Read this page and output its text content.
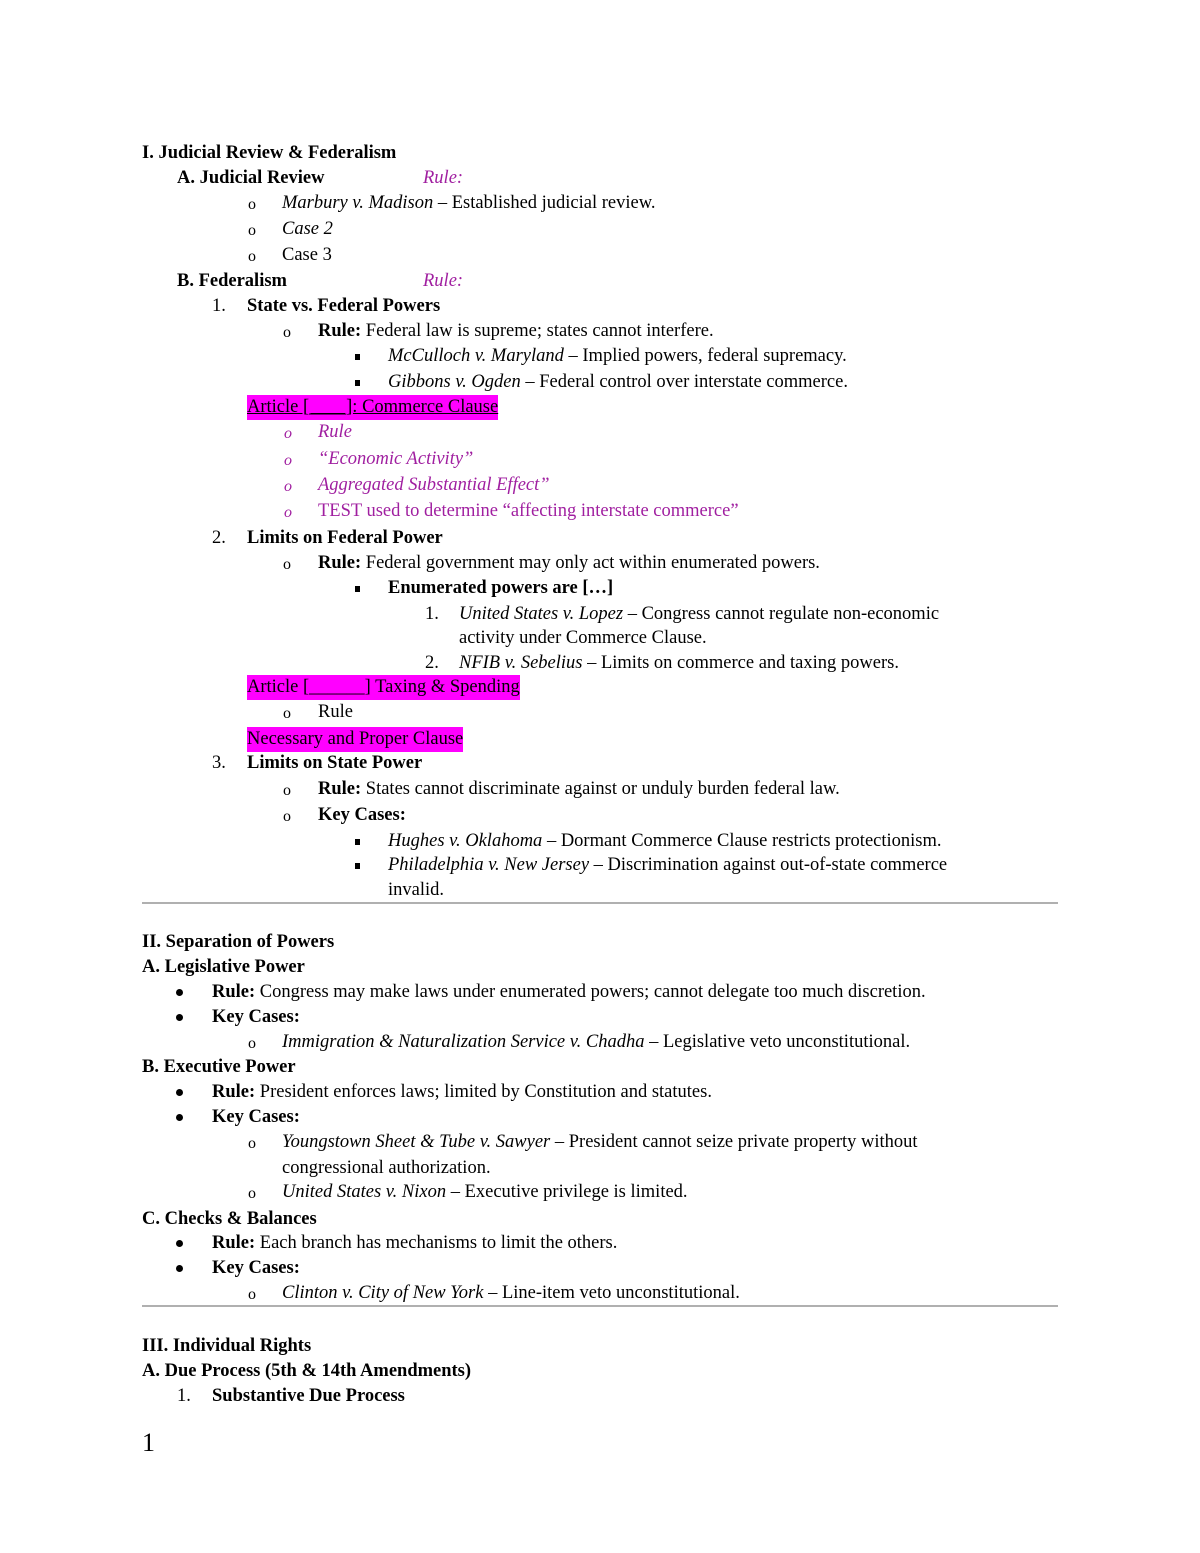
I. Judicial Review & Federalism
A. Judicial Review	Rule:
o Marbury v. Madison – Established judicial review.
o Case 2
o Case 3
B. Federalism	Rule:
1. State vs. Federal Powers
o Rule: Federal law is supreme; states cannot interfere.
McCulloch v. Maryland – Implied powers, federal supremacy.
Gibbons v. Ogden – Federal control over interstate commerce.
Article [____]: Commerce Clause
o Rule
o “Economic Activity”
o Aggregated Substantial Effect”
o TEST used to determine “affecting interstate commerce”
2. Limits on Federal Power
o Rule: Federal government may only act within enumerated powers.
Enumerated powers are […]
1. United States v. Lopez – Congress cannot regulate non-economic
activity under Commerce Clause.
2. NFIB v. Sebelius – Limits on commerce and taxing powers.
Article [______] Taxing & Spending
o Rule
Necessary and Proper Clause
3. Limits on State Power
o Rule: States cannot discriminate against or unduly burden federal law.
o Key Cases:
Hughes v. Oklahoma – Dormant Commerce Clause restricts protectionism.
Philadelphia v. New Jersey – Discrimination against out-of-state commerce
invalid.
II. Separation of Powers
A. Legislative Power
Rule: Congress may make laws under enumerated powers; cannot delegate too much discretion.
Key Cases:
o Immigration & Naturalization Service v. Chadha – Legislative veto unconstitutional.
B. Executive Power
Rule: President enforces laws; limited by Constitution and statutes.
Key Cases:
o Youngstown Sheet & Tube v. Sawyer – President cannot seize private property without
congressional authorization.
o United States v. Nixon – Executive privilege is limited.
C. Checks & Balances
Rule: Each branch has mechanisms to limit the others.
Key Cases:
o Clinton v. City of New York – Line-item veto unconstitutional.
III. Individual Rights
A. Due Process (5th & 14th Amendments)
1. Substantive Due Process
1
